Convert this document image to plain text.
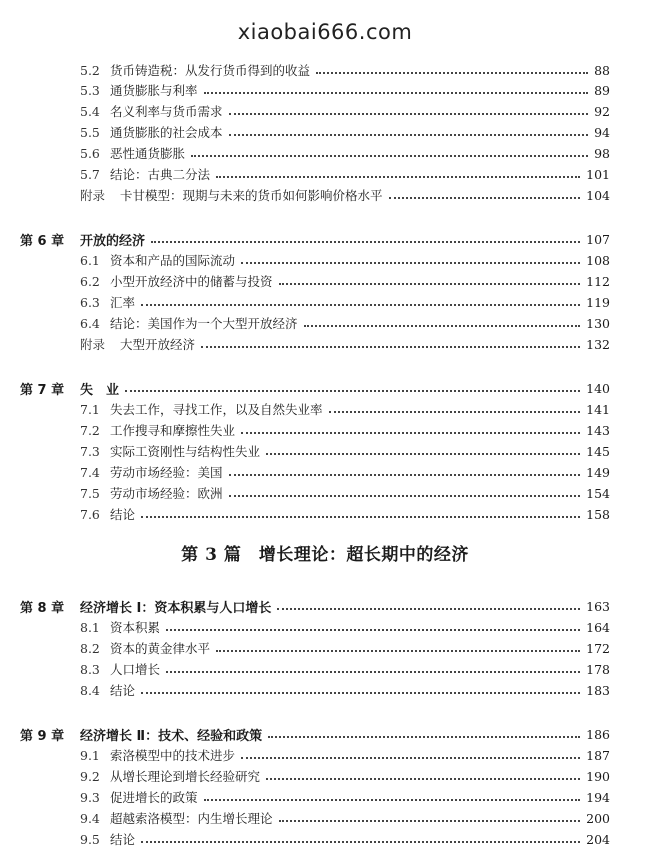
xiaobai666.com
5.2 货币铸造税：从发行货币得到的收益	88
5.3 通货膨胀与利率	89
5.4 名义利率与货币需求	92
5.5 通货膨胀的社会成本	94
5.6 恶性通货膨胀	98
5.7 结论：古典二分法	101
附录	卡甘模型：现期与未来的货币如何影响价格水平	104
第 6 章	开放的经济	107
6.1 资本和产品的国际流动	108
6.2 小型开放经济中的储蓄与投资	112
6.3 汇率	119
6.4 结论：美国作为一个大型开放经济	130
附录	大型开放经济	132
第 7 章	失　业	140
7.1 失去工作，寻找工作，以及自然失业率	141
7.2 工作搜寻和摩擦性失业	143
7.3 实际工资刚性与结构性失业	145
7.4 劳动市场经验：美国	149
7.5 劳动市场经验：欧洲	154
7.6 结论	158
第 3 篇　增长理论：超长期中的经济
第 8 章	经济增长 Ⅰ：资本积累与人口增长	163
8.1 资本积累	164
8.2 资本的黄金律水平	172
8.3 人口增长	178
8.4 结论	183
第 9 章	经济增长 Ⅱ：技术、经验和政策	186
9.1 索洛模型中的技术进步	187
9.2 从增长理论到增长经验研究	190
9.3 促进增长的政策	194
9.4 超越索洛模型：内生增长理论	200
9.5 结论	204
